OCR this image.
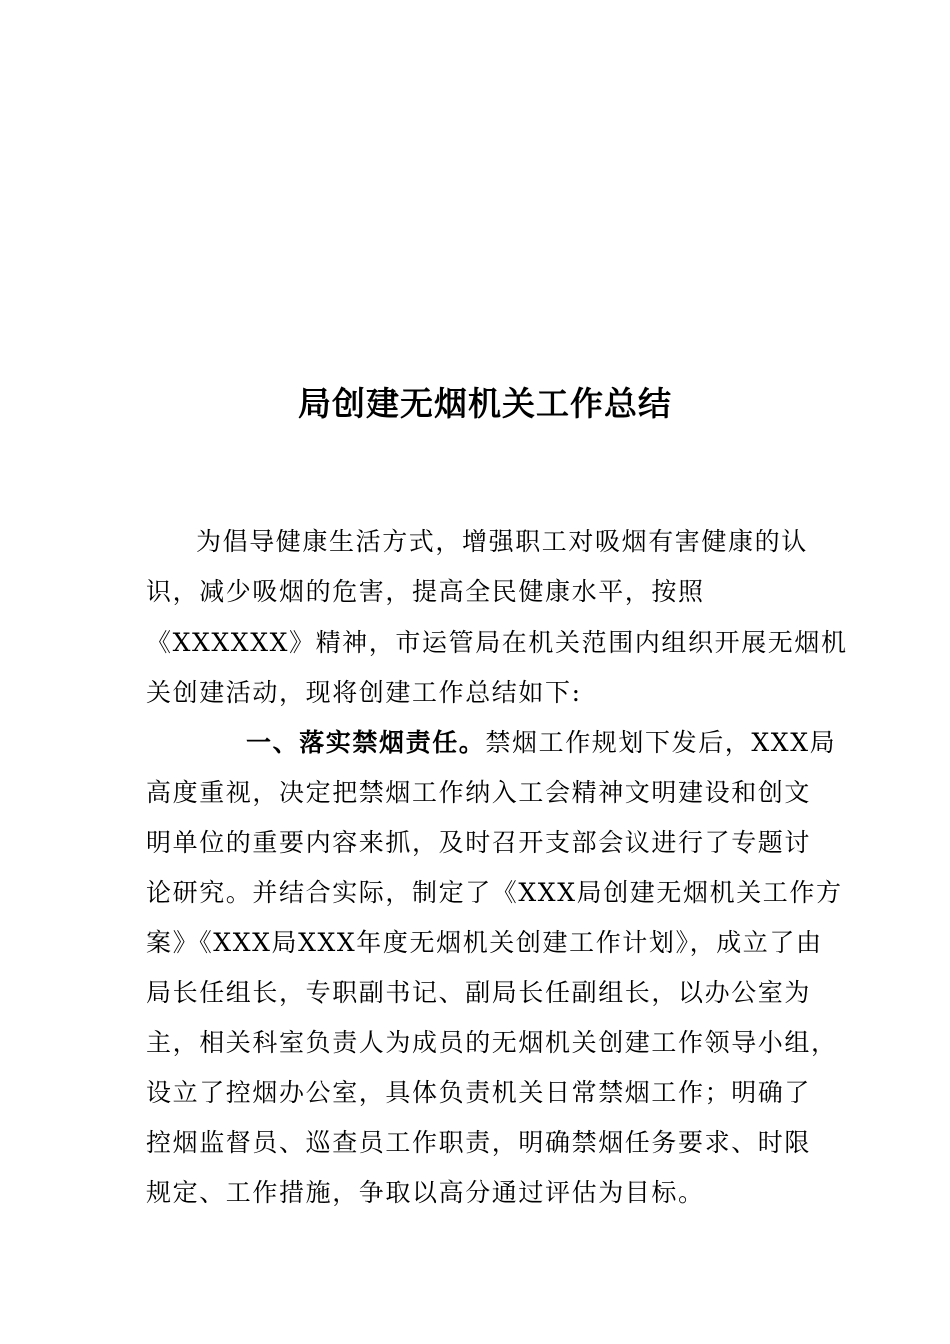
局创建无烟机关工作总结
为倡导健康生活方式，增强职工对吸烟有害健康的认
识，减少吸烟的危害，提高全民健康水平，按照
《XXXXXX》精神，市运管局在机关范围内组织开展无烟机
关创建活动，现将创建工作总结如下:
一、落实禁烟责任。禁烟工作规划下发后，XXX局
高度重视，决定把禁烟工作纳入工会精神文明建设和创文
明单位的重要内容来抓，及时召开支部会议进行了专题讨
论研究。并结合实际，制定了《XXX局创建无烟机关工作方
案》《XXX局XXX年度无烟机关创建工作计划》，成立了由
局长任组长，专职副书记、副局长任副组长，以办公室为
主，相关科室负责人为成员的无烟机关创建工作领导小组，
设立了控烟办公室，具体负责机关日常禁烟工作；明确了
控烟监督员、巡查员工作职责，明确禁烟任务要求、时限
规定、工作措施，争取以高分通过评估为目标。
